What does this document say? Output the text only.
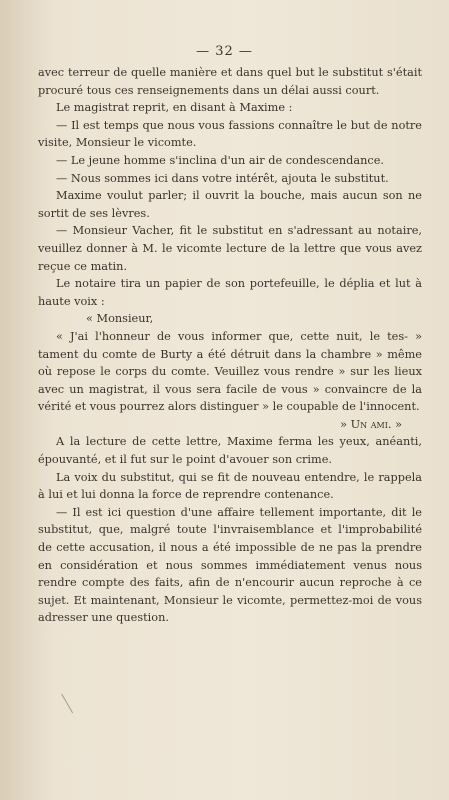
— 32 —

avec terreur de quelle manière et dans quel but le substitut s'était procuré tous ces renseignements dans un délai aussi court.

Le magistrat reprit, en disant à Maxime :

— Il est temps que nous vous fassions connaître le but de notre visite, Monsieur le vicomte.

— Le jeune homme s'inclina d'un air de condescendance.

— Nous sommes ici dans votre intérêt, ajouta le substitut.

Maxime voulut parler; il ouvrit la bouche, mais aucun son ne sortit de ses lèvres.

— Monsieur Vacher, fit le substitut en s'adressant au notaire, veuillez donner à M. le vicomte lecture de la lettre que vous avez reçue ce matin.

Le notaire tira un papier de son portefeuille, le déplia et lut à haute voix :

« Monsieur,

« J'ai l'honneur de vous informer que, cette nuit, le tes- » tament du comte de Burty a été détruit dans la chambre » même où repose le corps du comte. Veuillez vous rendre » sur les lieux avec un magistrat, il vous sera facile de vous » convaincre de la vérité et vous pourrez alors distinguer » le coupable de l'innocent.

» Un ami. »

A la lecture de cette lettre, Maxime ferma les yeux, anéanti, épouvanté, et il fut sur le point d'avouer son crime.

La voix du substitut, qui se fit de nouveau entendre, le rappela à lui et lui donna la force de reprendre contenance.

— Il est ici question d'une affaire tellement importante, dit le substitut, que, malgré toute l'invraisemblance et l'improbabilité de cette accusation, il nous a été impossible de ne pas la prendre en considération et nous sommes immédiatement venus nous rendre compte des faits, afin de n'encourir aucun reproche à ce sujet. Et maintenant, Monsieur le vicomte, permettez-moi de vous adresser une question.
